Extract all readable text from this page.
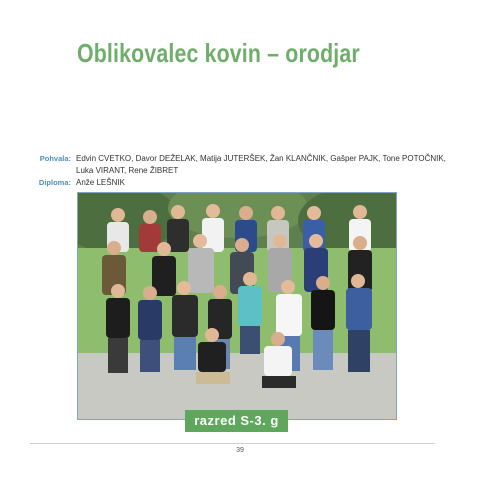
Oblikovalec kovin – orodjar
Pohvala: Edvin CVETKO, Davor DEŽELAK, Matija JUTERŠEK, Žan KLANČNIK, Gašper PAJK, Tone POTOČNIK, Luka VIRANT, Rene ŽIBRET
Diploma: Anže LEŠNIK
razred S-3. g
39
